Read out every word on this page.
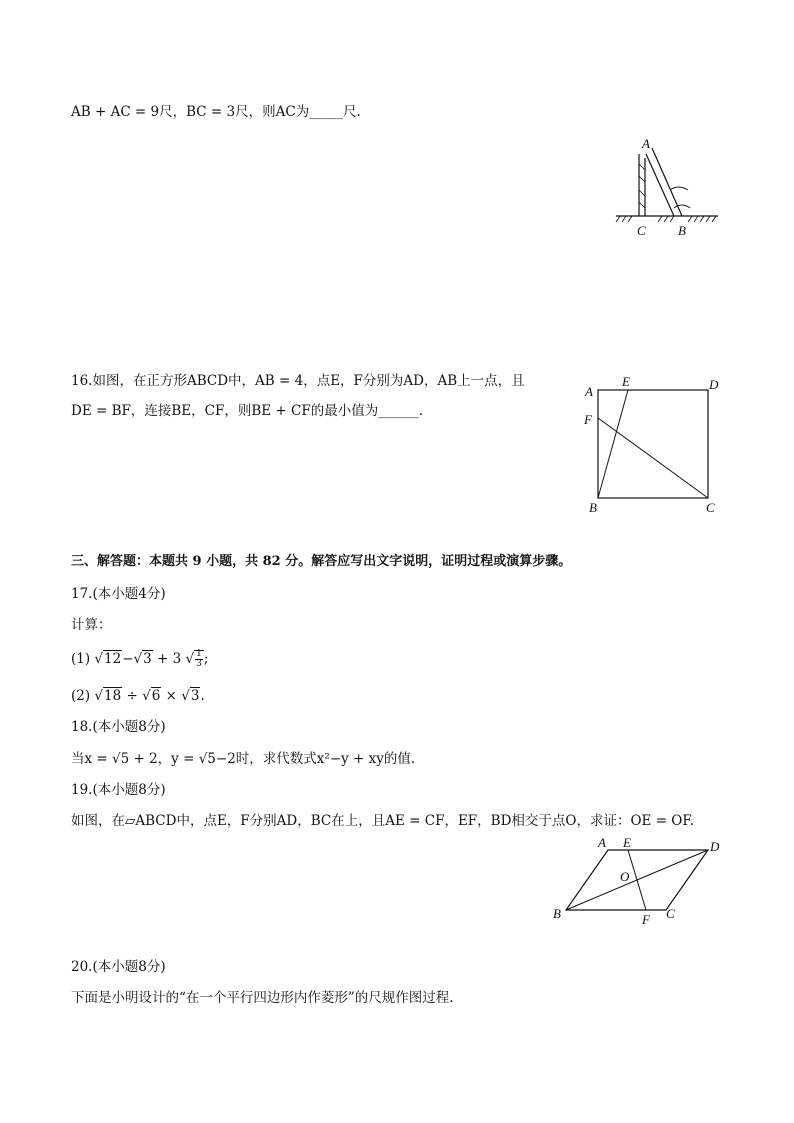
AB + AC = 9尺，BC = 3尺，则AC为_____尺.
A
C B
16.如图，在正方形ABCD中，AB = 4，点E，F分别为AD，AB上一点，且
DE = BF，连接BE，CF，则BE + CF的最小值为______.
A
E	D
F
B	C
三、解答题：本题共 9 小题，共 82 分。解答应写出文字说明，证明过程或演算步骤。
17.(本小题4分)
计算：
(1) √12−√3 + 3 √ $\frac{1}{3}$ ;
(2) √18 ÷ √6 × √3.
18.(本小题8分)
当x = √5 + 2，y = √5−2时，求代数式x²−y + xy的值.
19.(本小题8分)
如图，在▱ABCD中，点E，F分别AD，BC在上，且AE = CF，EF，BD相交于点O，求证：OE = OF.
A E	D
O
B	F C
20.(本小题8分)
下面是小明设计的“在一个平行四边形内作菱形”的尺规作图过程.
